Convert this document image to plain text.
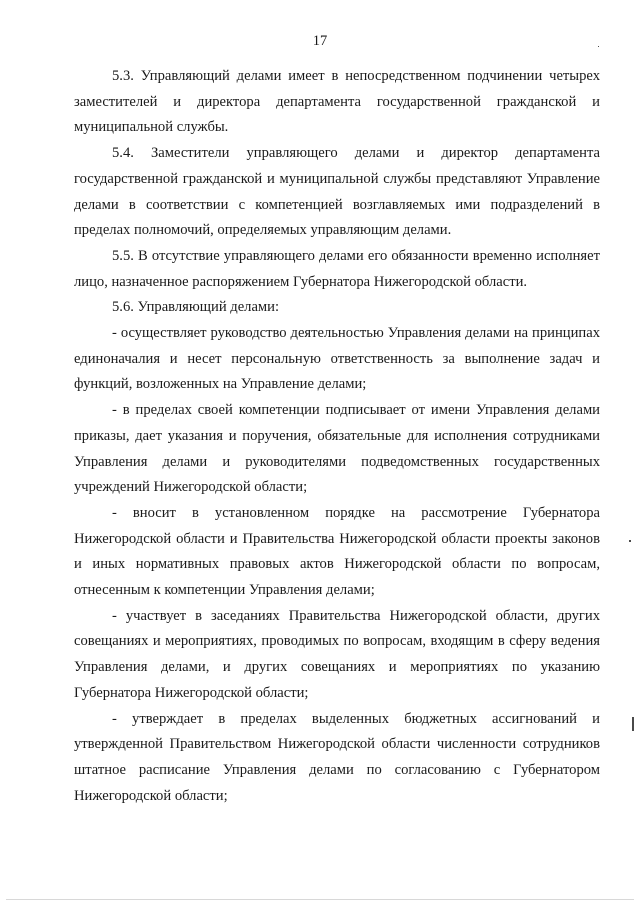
17

5.3. Управляющий делами имеет в непосредственном подчинении четырех заместителей и директора департамента государственной гражданской и муниципальной службы.

5.4. Заместители управляющего делами и директор департамента государственной гражданской и муниципальной службы представляют Управление делами в соответствии с компетенцией возглавляемых ими подразделений в пределах полномочий, определяемых управляющим делами.

5.5. В отсутствие управляющего делами его обязанности временно исполняет лицо, назначенное распоряжением Губернатора Нижегородской области.

5.6. Управляющий делами:

- осуществляет руководство деятельностью Управления делами на принципах единоначалия и несет персональную ответственность за выполнение задач и функций, возложенных на Управление делами;

- в пределах своей компетенции подписывает от имени Управления делами приказы, дает указания и поручения, обязательные для исполнения сотрудниками Управления делами и руководителями подведомственных государственных учреждений Нижегородской области;

- вносит в установленном порядке на рассмотрение Губернатора Нижегородской области и Правительства Нижегородской области проекты законов и иных нормативных правовых актов Нижегородской области по вопросам, отнесенным к компетенции Управления делами;

- участвует в заседаниях Правительства Нижегородской области, других совещаниях и мероприятиях, проводимых по вопросам, входящим в сферу ведения Управления делами, и других совещаниях и мероприятиях по указанию Губернатора Нижегородской области;

- утверждает в пределах выделенных бюджетных ассигнований и утвержденной Правительством Нижегородской области численности сотрудников штатное расписание Управления делами по согласованию с Губернатором Нижегородской области;
